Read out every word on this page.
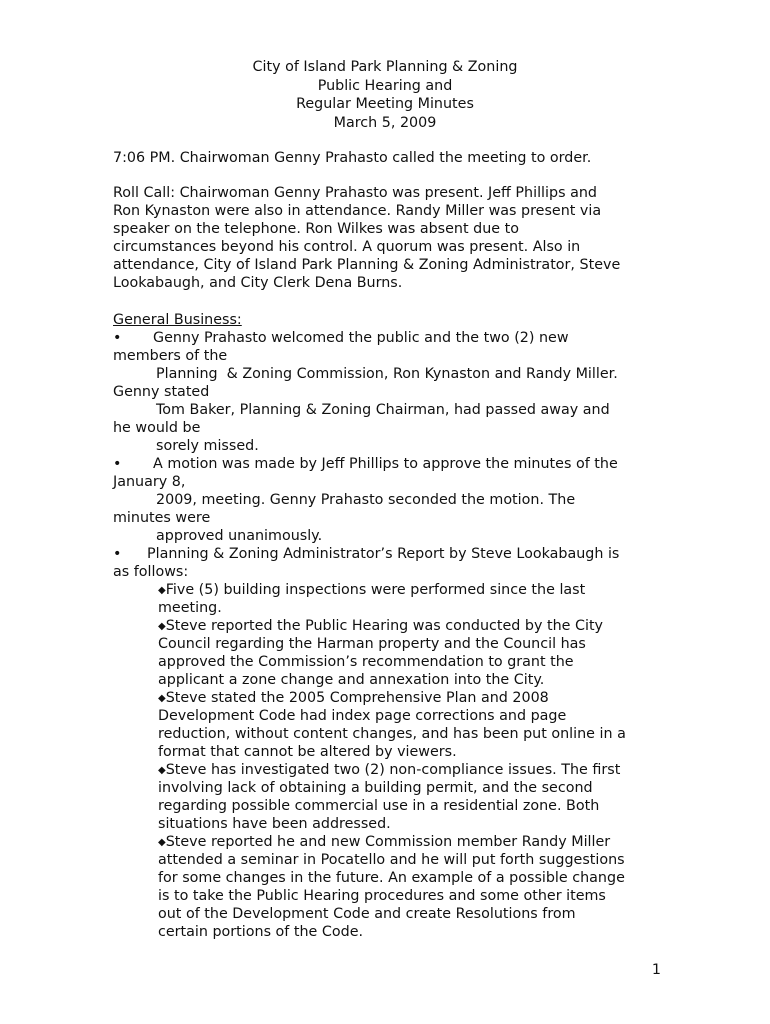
City of Island Park Planning & Zoning
Public Hearing and
Regular Meeting Minutes
March 5, 2009
7:06 PM. Chairwoman Genny Prahasto called the meeting to order.
Roll Call: Chairwoman Genny Prahasto was present. Jeff Phillips and
Ron Kynaston were also in attendance. Randy Miller was present via
speaker on the telephone. Ron Wilkes was absent due to
circumstances beyond his control. A quorum was present. Also in
attendance, City of Island Park Planning & Zoning Administrator, Steve
Lookabaugh, and City Clerk Dena Burns.
General Business:
• Genny Prahasto welcomed the public and the two (2) new
members of the
Planning  & Zoning Commission, Ron Kynaston and Randy Miller.
Genny stated
Tom Baker, Planning & Zoning Chairman, had passed away and
he would be
sorely missed.
• A motion was made by Jeff Phillips to approve the minutes of the
January 8,
2009, meeting. Genny Prahasto seconded the motion. The
minutes were
approved unanimously.
• Planning & Zoning Administrator’s Report by Steve Lookabaugh is
as follows:
◆Five (5) building inspections were performed since the last
meeting.
◆Steve reported the Public Hearing was conducted by the City
Council regarding the Harman property and the Council has
approved the Commission’s recommendation to grant the
applicant a zone change and annexation into the City.
◆Steve stated the 2005 Comprehensive Plan and 2008
Development Code had index page corrections and page
reduction, without content changes, and has been put online in a
format that cannot be altered by viewers.
◆Steve has investigated two (2) non-compliance issues. The first
involving lack of obtaining a building permit, and the second
regarding possible commercial use in a residential zone. Both
situations have been addressed.
◆Steve reported he and new Commission member Randy Miller
attended a seminar in Pocatello and he will put forth suggestions
for some changes in the future. An example of a possible change
is to take the Public Hearing procedures and some other items
out of the Development Code and create Resolutions from
certain portions of the Code.
1
